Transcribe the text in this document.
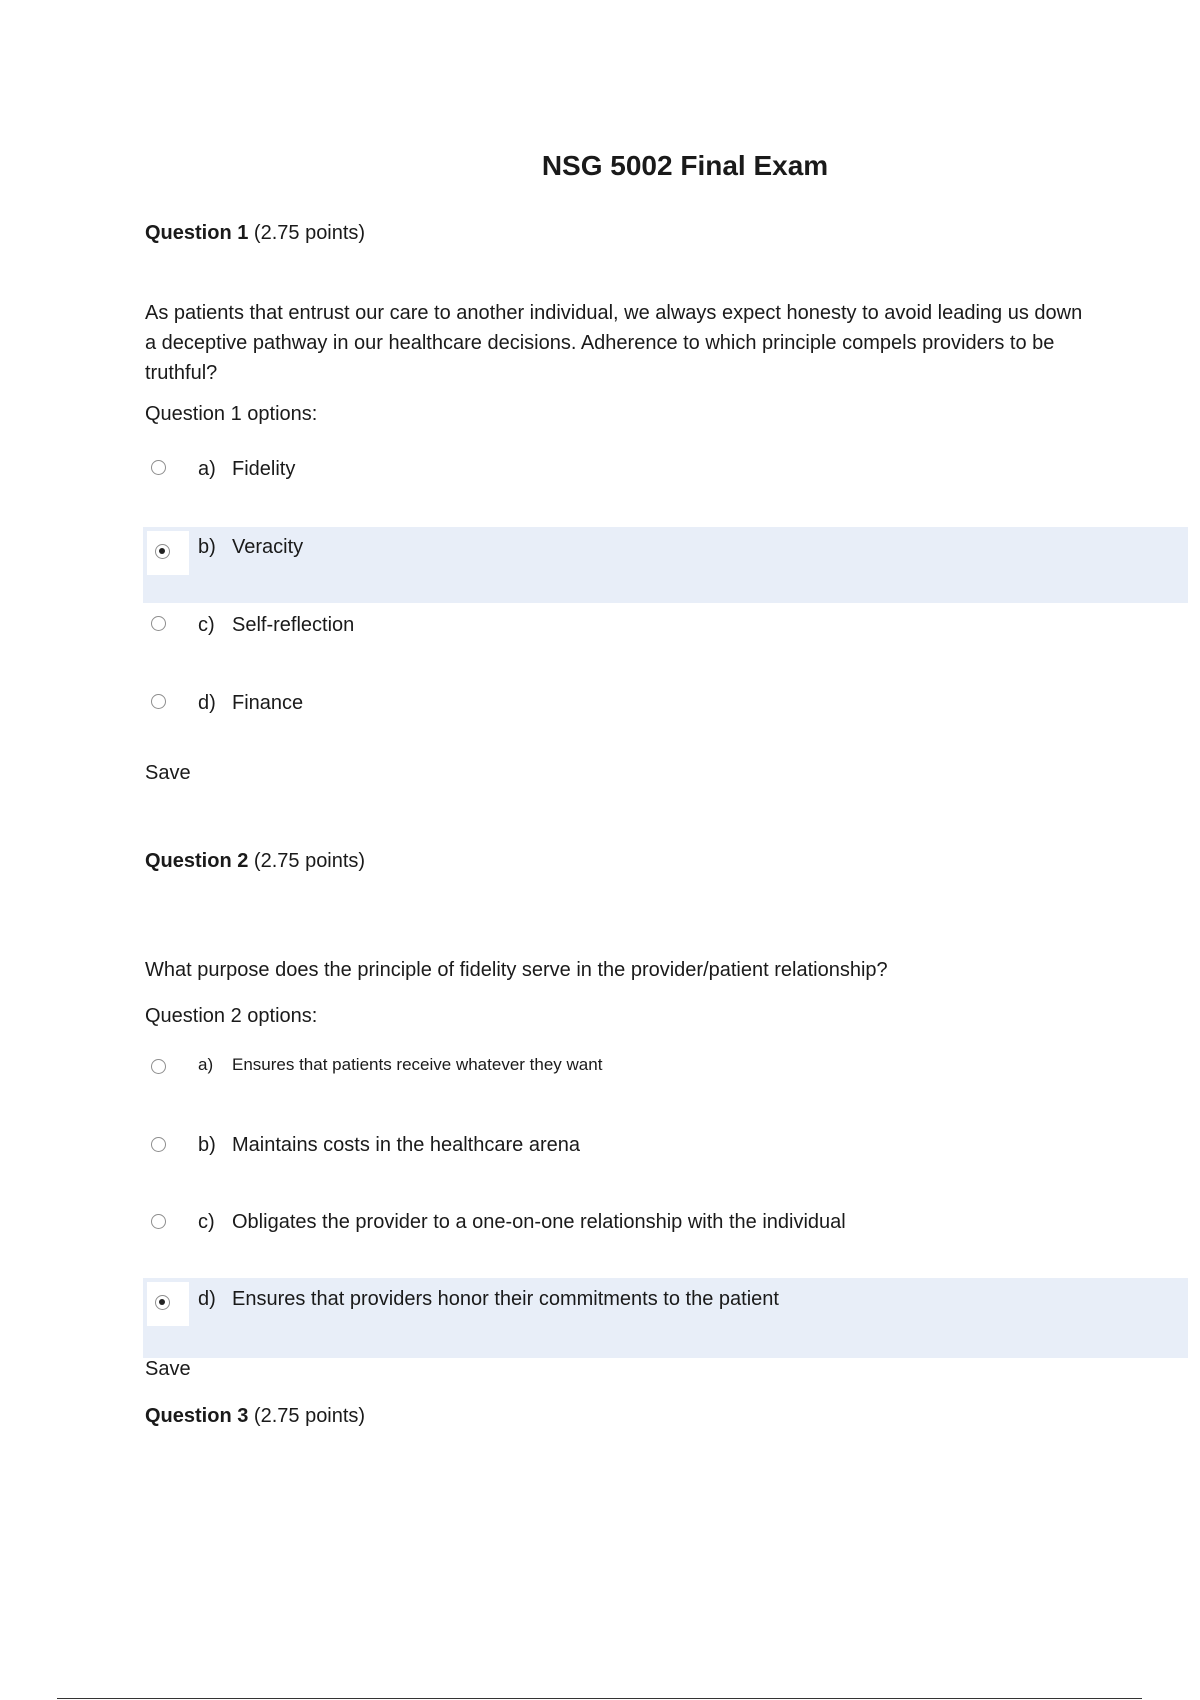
NSG 5002 Final Exam
Question 1 (2.75 points)
As patients that entrust our care to another individual, we always expect honesty to avoid leading us down a deceptive pathway in our healthcare decisions. Adherence to which principle compels providers to be truthful?
Question 1 options:
a) Fidelity
b) Veracity
c) Self-reflection
d) Finance
Save
Question 2 (2.75 points)
What purpose does the principle of fidelity serve in the provider/patient relationship?
Question 2 options:
a) Ensures that patients receive whatever they want
b) Maintains costs in the healthcare arena
c) Obligates the provider to a one-on-one relationship with the individual
d) Ensures that providers honor their commitments to the patient
Save
Question 3 (2.75 points)
